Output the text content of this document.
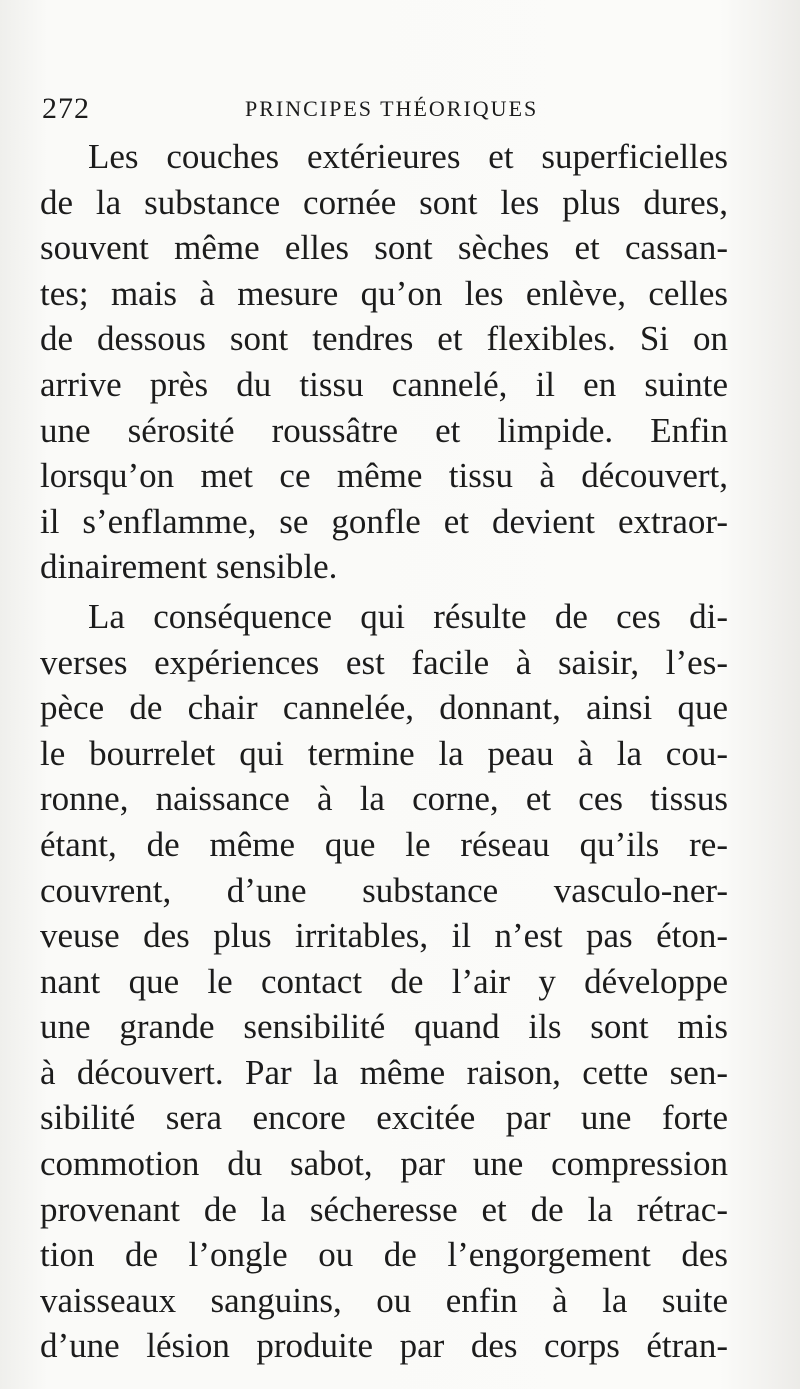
272	PRINCIPES THÉORIQUES
Les couches extérieures et superficielles
de la substance cornée sont les plus dures,
souvent même elles sont sèches et cassan-
tes; mais à mesure qu’on les enlève, celles
de dessous sont tendres et flexibles. Si on
arrive près du tissu cannelé, il en suinte
une sérosité roussâtre et limpide. Enfin
lorsqu’on met ce même tissu à découvert,
il s’enflamme, se gonfle et devient extraor-
dinairement sensible.
La conséquence qui résulte de ces di-
verses expériences est facile à saisir, l’es-
pèce de chair cannelée, donnant, ainsi que
le bourrelet qui termine la peau à la cou-
ronne, naissance à la corne, et ces tissus
étant, de même que le réseau qu’ils re-
couvrent, d’une substance vasculo-ner-
veuse des plus irritables, il n’est pas éton-
nant que le contact de l’air y développe
une grande sensibilité quand ils sont mis
à découvert. Par la même raison, cette sen-
sibilité sera encore excitée par une forte
commotion du sabot, par une compression
provenant de la sécheresse et de la rétrac-
tion de l’ongle ou de l’engorgement des
vaisseaux sanguins, ou enfin à la suite
d’une lésion produite par des corps étran-
